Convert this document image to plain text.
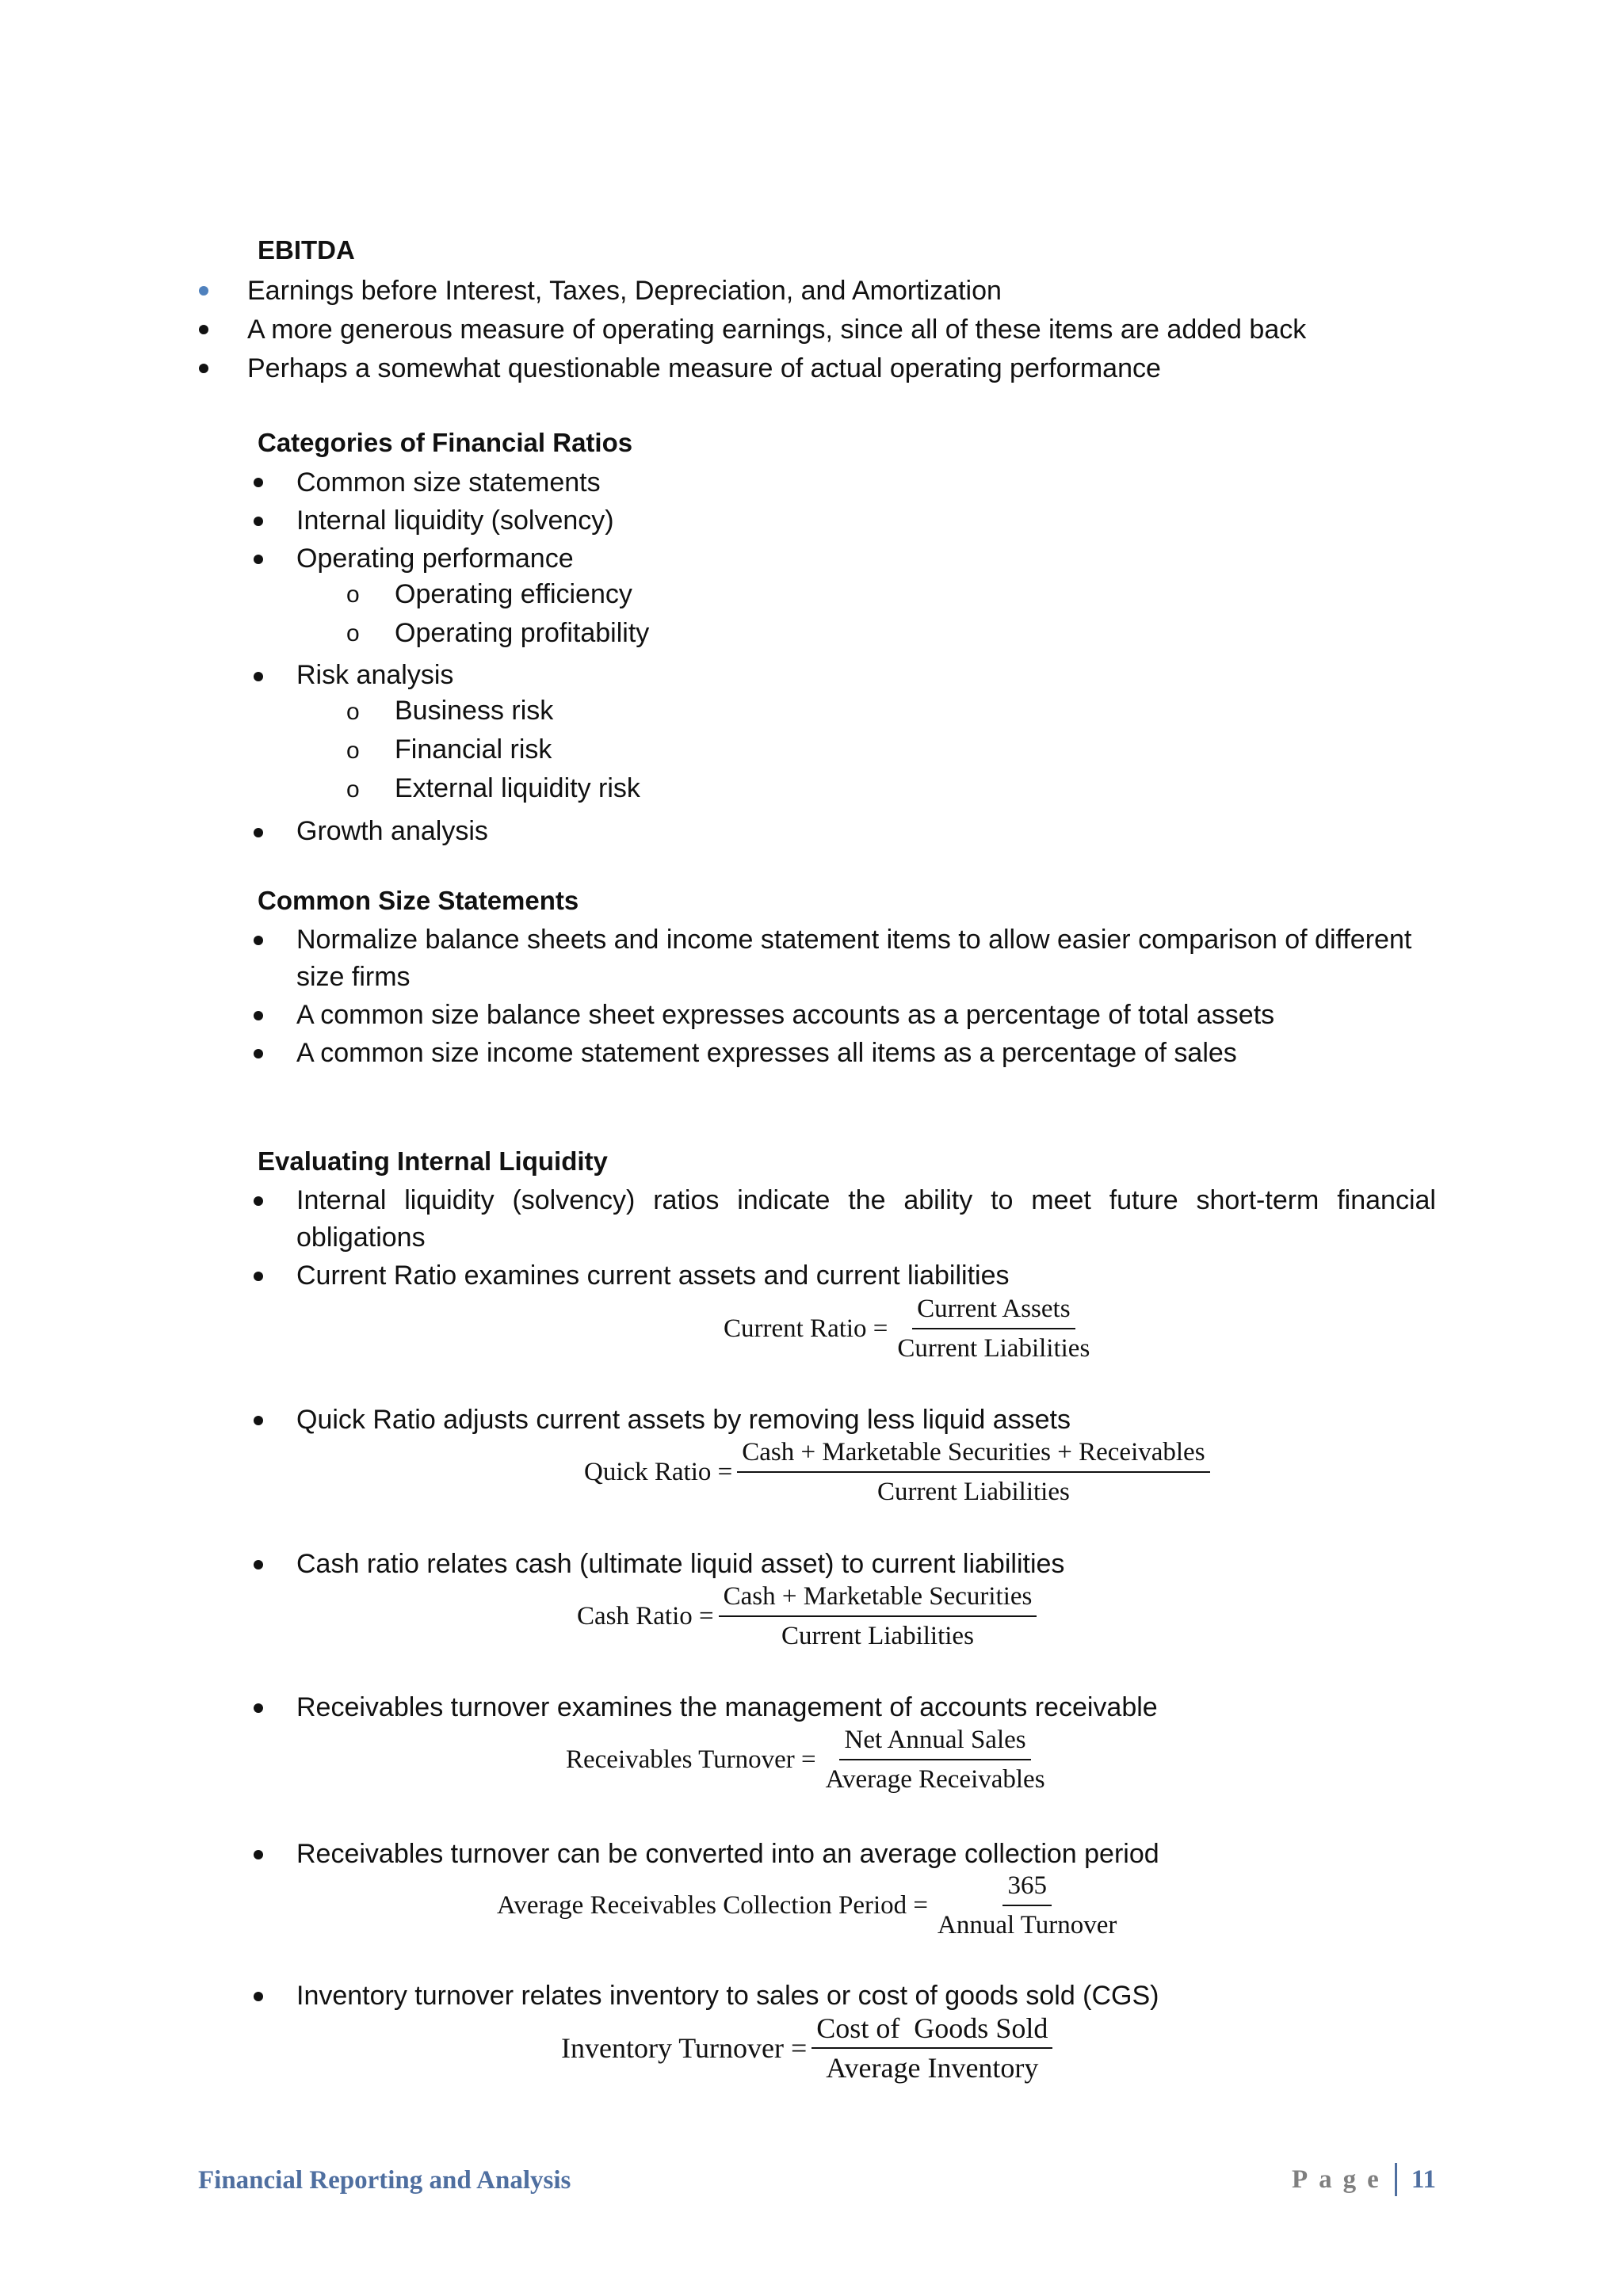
EBITDA
Earnings before Interest, Taxes, Depreciation, and Amortization
A more generous measure of operating earnings, since all of these items are added back
Perhaps a somewhat questionable measure of actual operating performance
Categories of Financial Ratios
Common size statements
Internal liquidity (solvency)
Operating performance
o Operating efficiency
o Operating profitability
Risk analysis
o Business risk
o Financial risk
o External liquidity risk
Growth analysis
Common Size Statements
Normalize balance sheets and income statement items to allow easier comparison of different
size firms
A common size balance sheet expresses accounts as a percentage of total assets
A common size income statement expresses all items as a percentage of sales
Evaluating Internal Liquidity
Internal liquidity (solvency) ratios indicate the ability to meet future short-term financial
obligations
Current Ratio examines current assets and current liabilities
Current Ratio = $\frac{\text{Current Assets}}{\text{Current Liabilities}}$
Quick Ratio adjusts current assets by removing less liquid assets
Quick Ratio = $\frac{\text{Cash + Marketable Securities + Receivables}}{\text{Current Liabilities}}$
Cash ratio relates cash (ultimate liquid asset) to current liabilities
Cash Ratio = $\frac{\text{Cash + Marketable Securities}}{\text{Current Liabilities}}$
Receivables turnover examines the management of accounts receivable
Receivables Turnover = $\frac{\text{Net Annual Sales}}{\text{Average Receivables}}$
Receivables turnover can be converted into an average collection period
Average Receivables Collection Period = $\frac{365}{\text{Annual Turnover}}$
Inventory turnover relates inventory to sales or cost of goods sold (CGS)
Inventory Turnover = $\frac{\text{Cost of  Goods Sold}}{\text{Average Inventory}}$
Financial Reporting and Analysis	Page 11
